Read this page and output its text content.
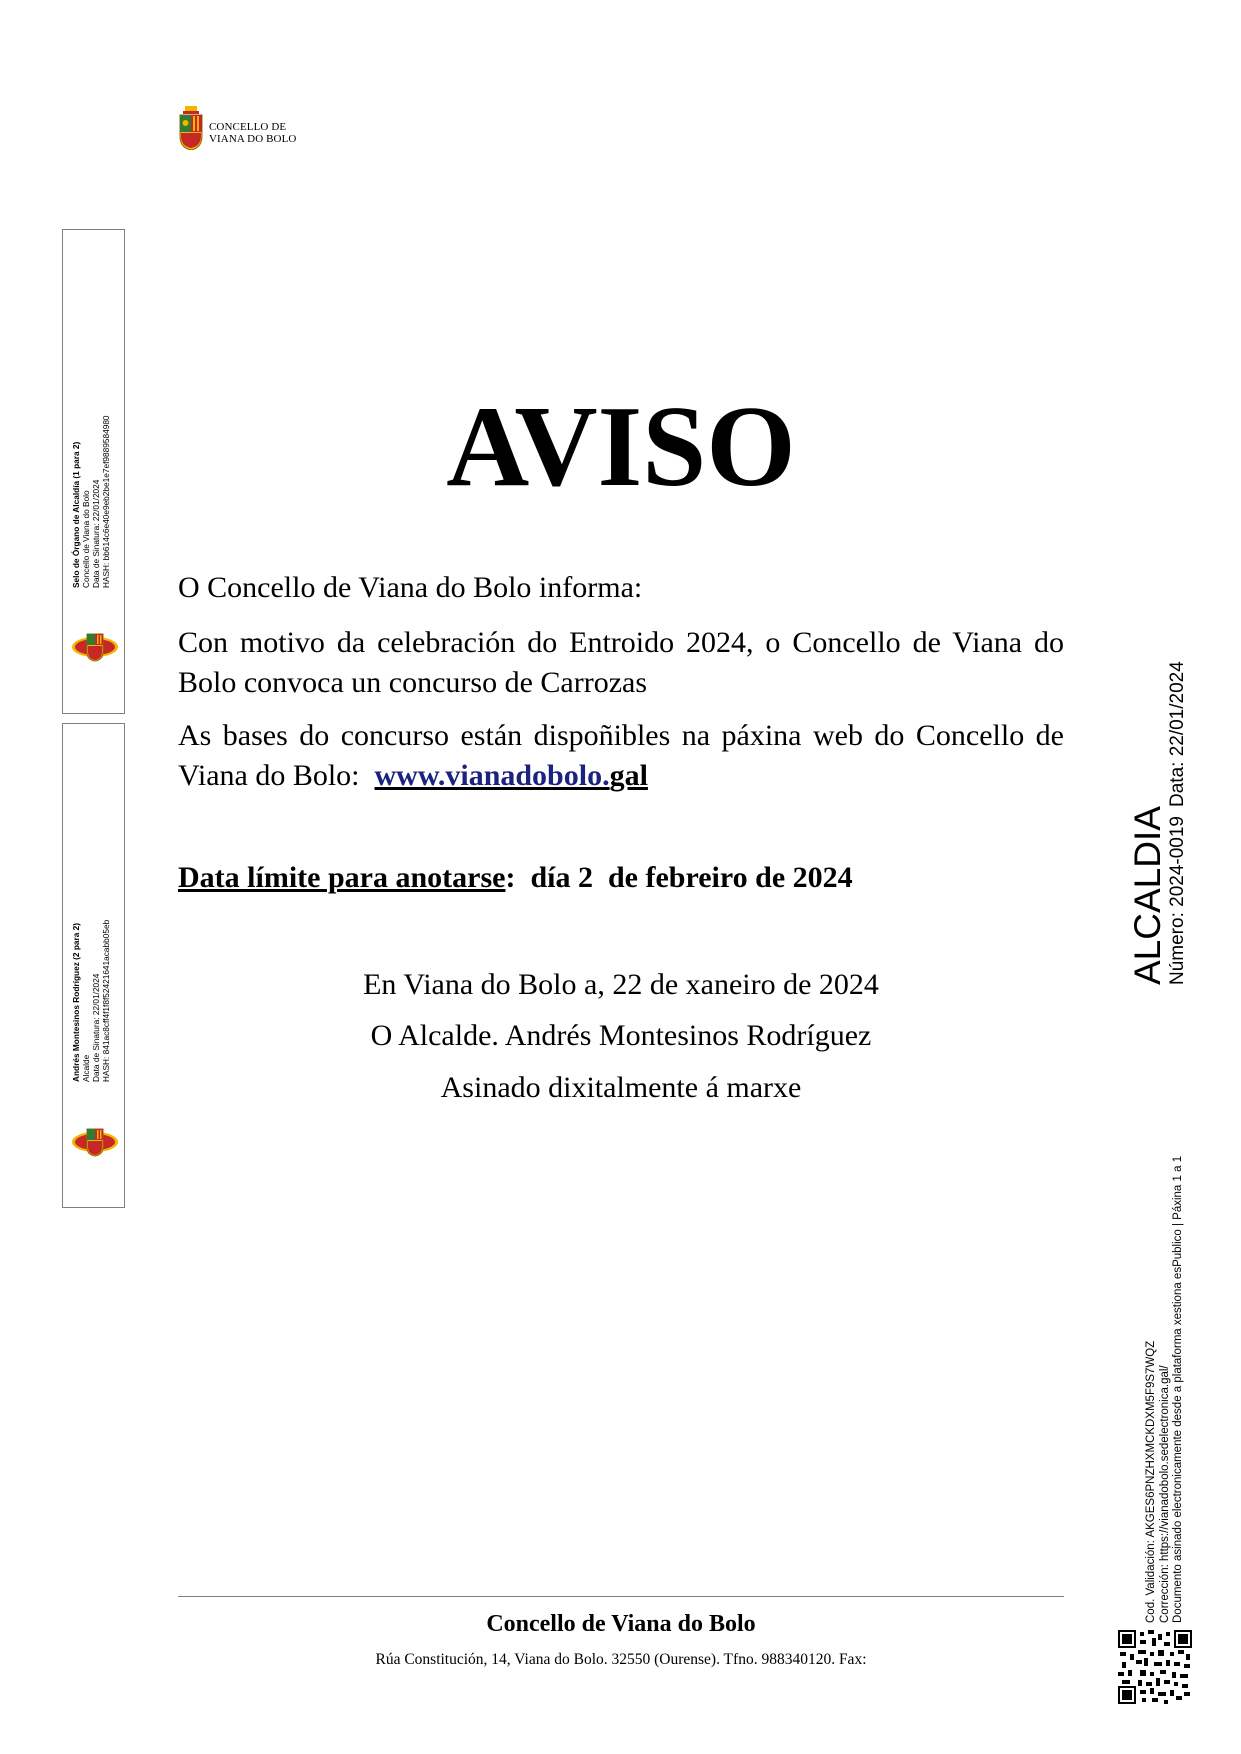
CONCELLO DE
VIANA DO BOLO
Selo de Órgano de Alcaldía (1 para 2) Concello de Viana do Bolo Data de Sinatura: 22/01/2024 HASH: bb614c6e40e9eb2be1e7ef9889584980
Andrés Montesinos Rodríguez (2 para 2) Alcalde Data de Sinatura: 22/01/2024 HASH: 841ac8cff4f1f8f52421641acabb05eb
ALCALDIA Número: 2024-0019
Data: 22/01/2024
Cod. Validación: AKGES6PNZHXMCKDXM5F9S7WQZ Corrección: https://vianadobolo.sedelectronica.gal/ Documento asinado electronicamente desde a plataforma xestiona esPublico | Páxina 1 a 1
AVISO
O Concello de Viana do Bolo informa:
Con motivo da celebración do Entroido 2024, o Concello de Viana do Bolo convoca un concurso de Carrozas
As bases do concurso están dispoñibles na páxina web do Concello de Viana do Bolo: www.vianadobolo.gal
Data límite para anotarse: día 2  de febreiro de 2024
En Viana do Bolo a, 22 de xaneiro de 2024
O Alcalde. Andrés Montesinos Rodríguez
Asinado dixitalmente á marxe
Concello de Viana do Bolo
Rúa Constitución, 14, Viana do Bolo. 32550 (Ourense). Tfno. 988340120. Fax:
